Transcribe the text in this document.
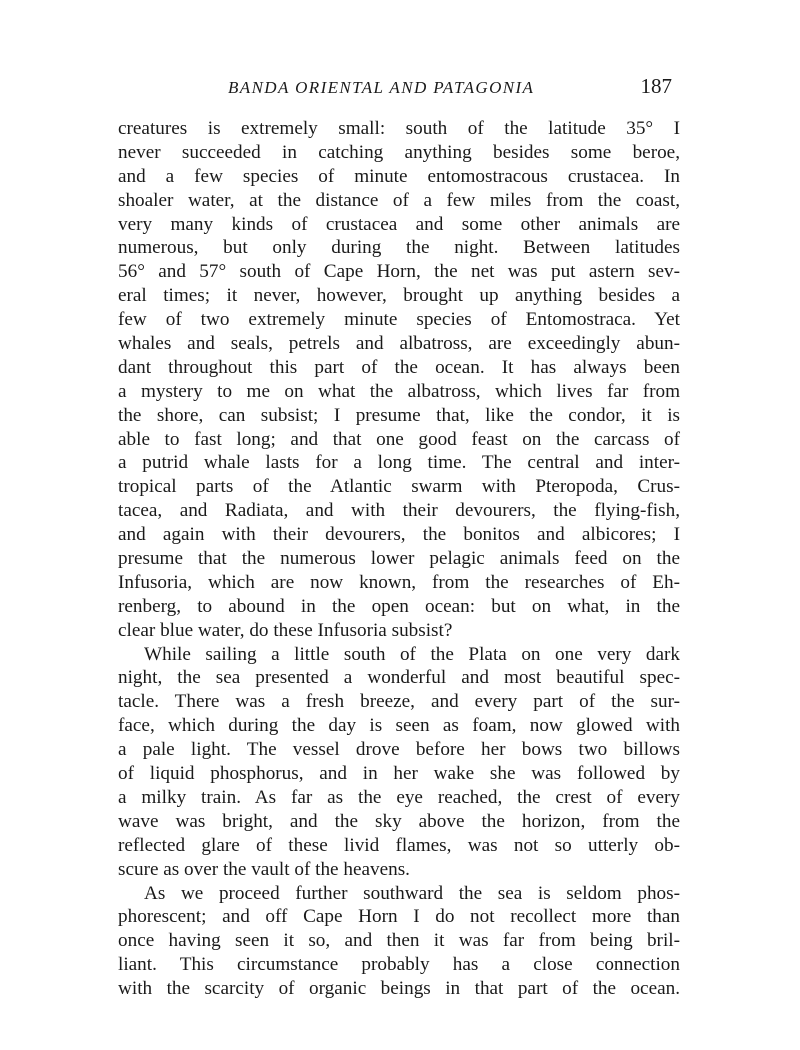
BANDA ORIENTAL AND PATAGONIA	187
creatures is extremely small: south of the latitude 35° I
never succeeded in catching anything besides some beroe,
and a few species of minute entomostracous crustacea. In
shoaler water, at the distance of a few miles from the coast,
very many kinds of crustacea and some other animals are
numerous, but only during the night. Between latitudes
56° and 57° south of Cape Horn, the net was put astern sev-
eral times; it never, however, brought up anything besides a
few of two extremely minute species of Entomostraca. Yet
whales and seals, petrels and albatross, are exceedingly abun-
dant throughout this part of the ocean. It has always been
a mystery to me on what the albatross, which lives far from
the shore, can subsist; I presume that, like the condor, it is
able to fast long; and that one good feast on the carcass of
a putrid whale lasts for a long time. The central and inter-
tropical parts of the Atlantic swarm with Pteropoda, Crus-
tacea, and Radiata, and with their devourers, the flying-fish,
and again with their devourers, the bonitos and albicores; I
presume that the numerous lower pelagic animals feed on the
Infusoria, which are now known, from the researches of Eh-
renberg, to abound in the open ocean: but on what, in the
clear blue water, do these Infusoria subsist?
While sailing a little south of the Plata on one very dark
night, the sea presented a wonderful and most beautiful spec-
tacle. There was a fresh breeze, and every part of the sur-
face, which during the day is seen as foam, now glowed with
a pale light. The vessel drove before her bows two billows
of liquid phosphorus, and in her wake she was followed by
a milky train. As far as the eye reached, the crest of every
wave was bright, and the sky above the horizon, from the
reflected glare of these livid flames, was not so utterly ob-
scure as over the vault of the heavens.
As we proceed further southward the sea is seldom phos-
phorescent; and off Cape Horn I do not recollect more than
once having seen it so, and then it was far from being bril-
liant. This circumstance probably has a close connection
with the scarcity of organic beings in that part of the ocean.
